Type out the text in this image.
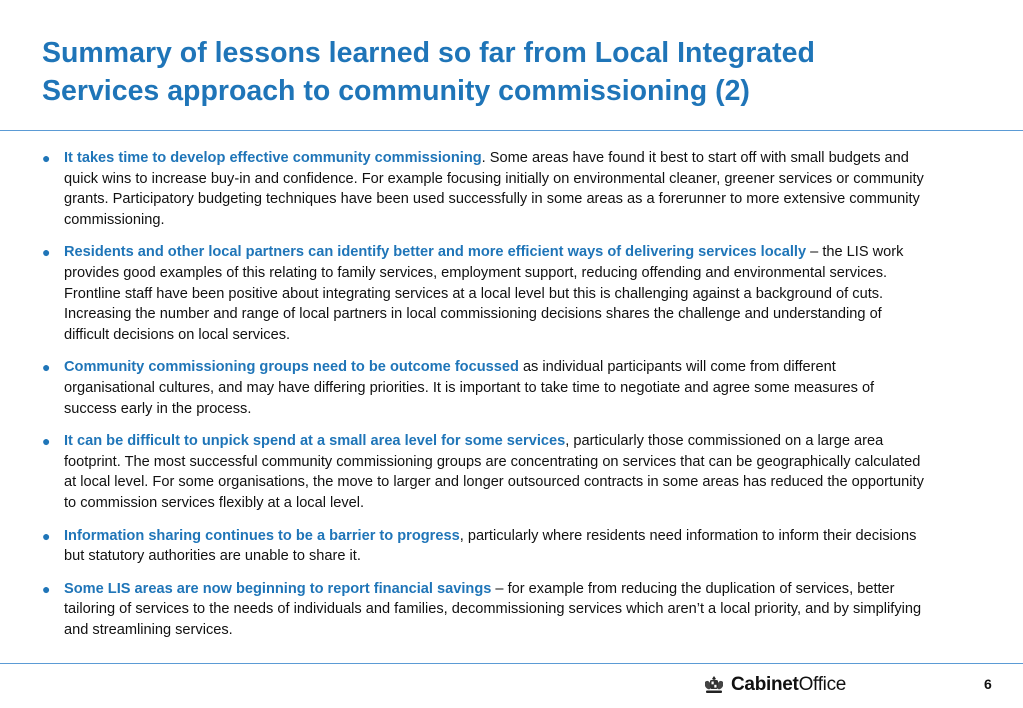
Summary of lessons learned so far from Local Integrated
Services approach to community commissioning (2)
● It takes time to develop effective community commissioning. Some areas have found it best to start off with small budgets and quick wins to increase buy-in and confidence. For example focusing initially on environmental cleaner, greener services or community grants. Participatory budgeting techniques have been used successfully in some areas as a forerunner to more extensive community commissioning.
● Residents and other local partners can identify better and more efficient ways of delivering services locally – the LIS work provides good examples of this relating to family services, employment support, reducing offending and environmental services. Frontline staff have been positive about integrating services at a local level but this is challenging against a background of cuts. Increasing the number and range of local partners in local commissioning decisions shares the challenge and understanding of difficult decisions on local services.
● Community commissioning groups need to be outcome focussed as individual participants will come from different organisational cultures, and may have differing priorities. It is important to take time to negotiate and agree some measures of success early in the process.
● It can be difficult to unpick spend at a small area level for some services, particularly those commissioned on a large area footprint. The most successful community commissioning groups are concentrating on services that can be geographically calculated at local level. For some organisations, the move to larger and longer outsourced contracts in some areas has reduced the opportunity to commission services flexibly at a local level.
● Information sharing continues to be a barrier to progress, particularly where residents need information to inform their decisions but statutory authorities are unable to share it.
● Some LIS areas are now beginning to report financial savings – for example from reducing the duplication of services, better tailoring of services to the needs of individuals and families, decommissioning services which aren’t a local priority, and by simplifying and streamlining services.
CabinetOffice	6
